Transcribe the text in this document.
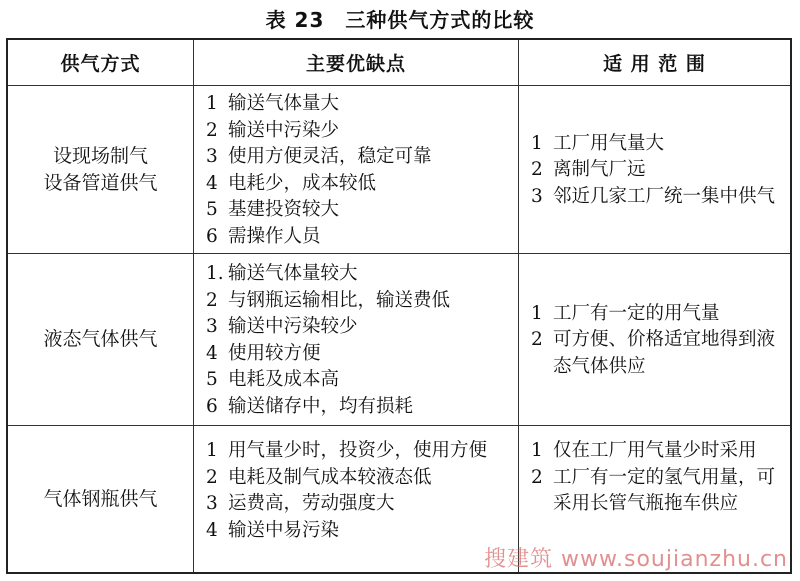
表 23　三种供气方式的比较
供气方式	主要优缺点	适 用 范 围
设现场制气
设备管道供气
1 输送气体量大
2 输送中污染少
3 使用方便灵活，稳定可靠
4 电耗少，成本较低
5 基建投资较大
6 需操作人员
1 工厂用气量大
2 离制气厂远
3 邻近几家工厂统一集中供气
液态气体供气
1. 输送气体量较大
2 与钢瓶运输相比，输送费低
3 输送中污染较少
4 使用较方便
5 电耗及成本高
6 输送储存中，均有损耗
1 工厂有一定的用气量
2 可方便、价格适宜地得到液态气体供应
气体钢瓶供气
1 用气量少时，投资少，使用方便
2 电耗及制气成本较液态低
3 运费高，劳动强度大
4 输送中易污染
1 仅在工厂用气量少时采用
2 工厂有一定的氢气用量，可采用长管气瓶拖车供应
搜建筑 www.soujianzhu.cn
